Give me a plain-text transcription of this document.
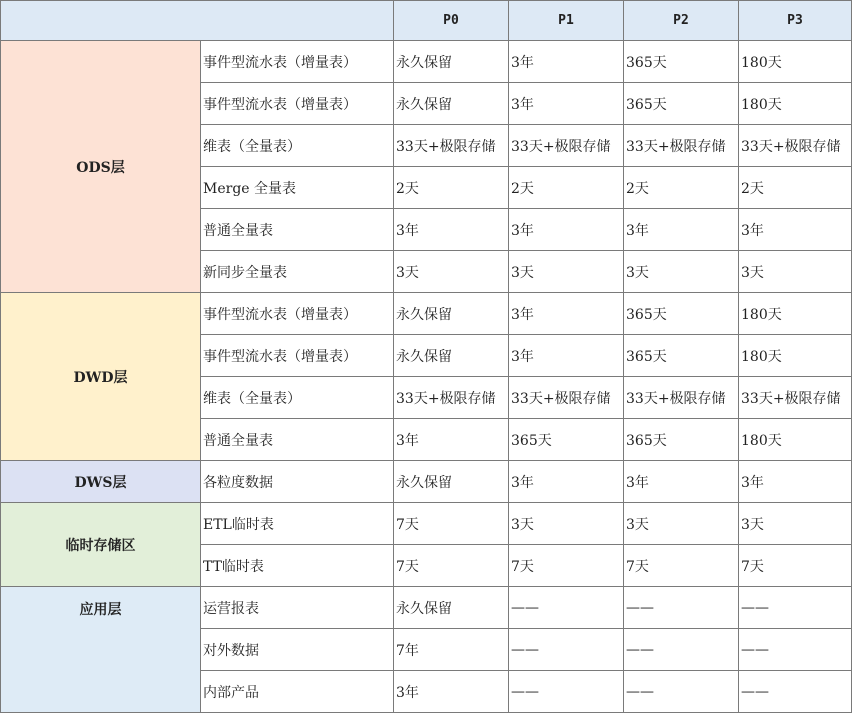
		P0	P1	P2	P3
ODS层	事件型流水表（增量表）	永久保留	3年	365天	180天
	事件型流水表（增量表）	永久保留	3年	365天	180天
	维表（全量表）	33天+极限存储	33天+极限存储	33天+极限存储	33天+极限存储
	Merge 全量表	2天	2天	2天	2天
	普通全量表	3年	3年	3年	3年
	新同步全量表	3天	3天	3天	3天
DWD层	事件型流水表（增量表）	永久保留	3年	365天	180天
	事件型流水表（增量表）	永久保留	3年	365天	180天
	维表（全量表）	33天+极限存储	33天+极限存储	33天+极限存储	33天+极限存储
	普通全量表	3年	365天	365天	180天
DWS层	各粒度数据	永久保留	3年	3年	3年
临时存储区	ETL临时表	7天	3天	3天	3天
	TT临时表	7天	7天	7天	7天
应用层	运营报表	永久保留	——	——	——
	对外数据	7年	——	——	——
	内部产品	3年	——	——	——
